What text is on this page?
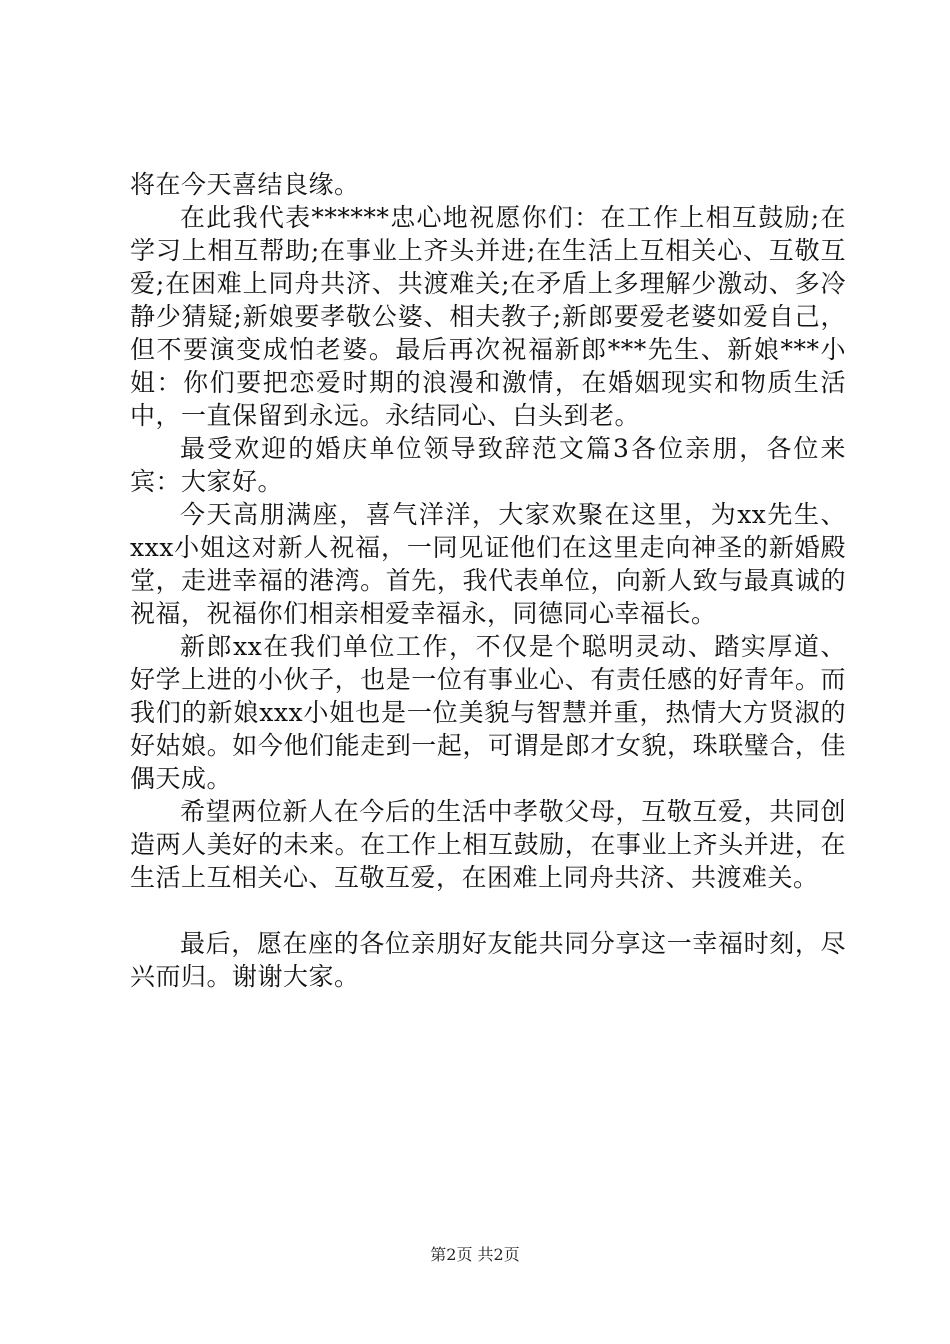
将在今天喜结良缘。

在此我代表******忠心地祝愿你们：在工作上相互鼓励;在学习上相互帮助;在事业上齐头并进;在生活上互相关心、互敬互爱;在困难上同舟共济、共渡难关;在矛盾上多理解少激动、多冷静少猜疑;新娘要孝敬公婆、相夫教子;新郎要爱老婆如爱自己，但不要演变成怕老婆。最后再次祝福新郎***先生、新娘***小姐：你们要把恋爱时期的浪漫和激情，在婚姻现实和物质生活中，一直保留到永远。永结同心、白头到老。

最受欢迎的婚庆单位领导致辞范文篇3各位亲朋，各位来宾：大家好。

今天高朋满座，喜气洋洋，大家欢聚在这里，为xx先生、xxx小姐这对新人祝福，一同见证他们在这里走向神圣的新婚殿堂，走进幸福的港湾。首先，我代表单位，向新人致与最真诚的祝福，祝福你们相亲相爱幸福永，同德同心幸福长。

新郎xx在我们单位工作，不仅是个聪明灵动、踏实厚道、好学上进的小伙子，也是一位有事业心、有责任感的好青年。而我们的新娘xxx小姐也是一位美貌与智慧并重，热情大方贤淑的好姑娘。如今他们能走到一起，可谓是郎才女貌，珠联璧合，佳偶天成。

希望两位新人在今后的生活中孝敬父母，互敬互爱，共同创造两人美好的未来。在工作上相互鼓励，在事业上齐头并进，在生活上互相关心、互敬互爱，在困难上同舟共济、共渡难关。

最后，愿在座的各位亲朋好友能共同分享这一幸福时刻，尽兴而归。谢谢大家。

第2页 共2页
